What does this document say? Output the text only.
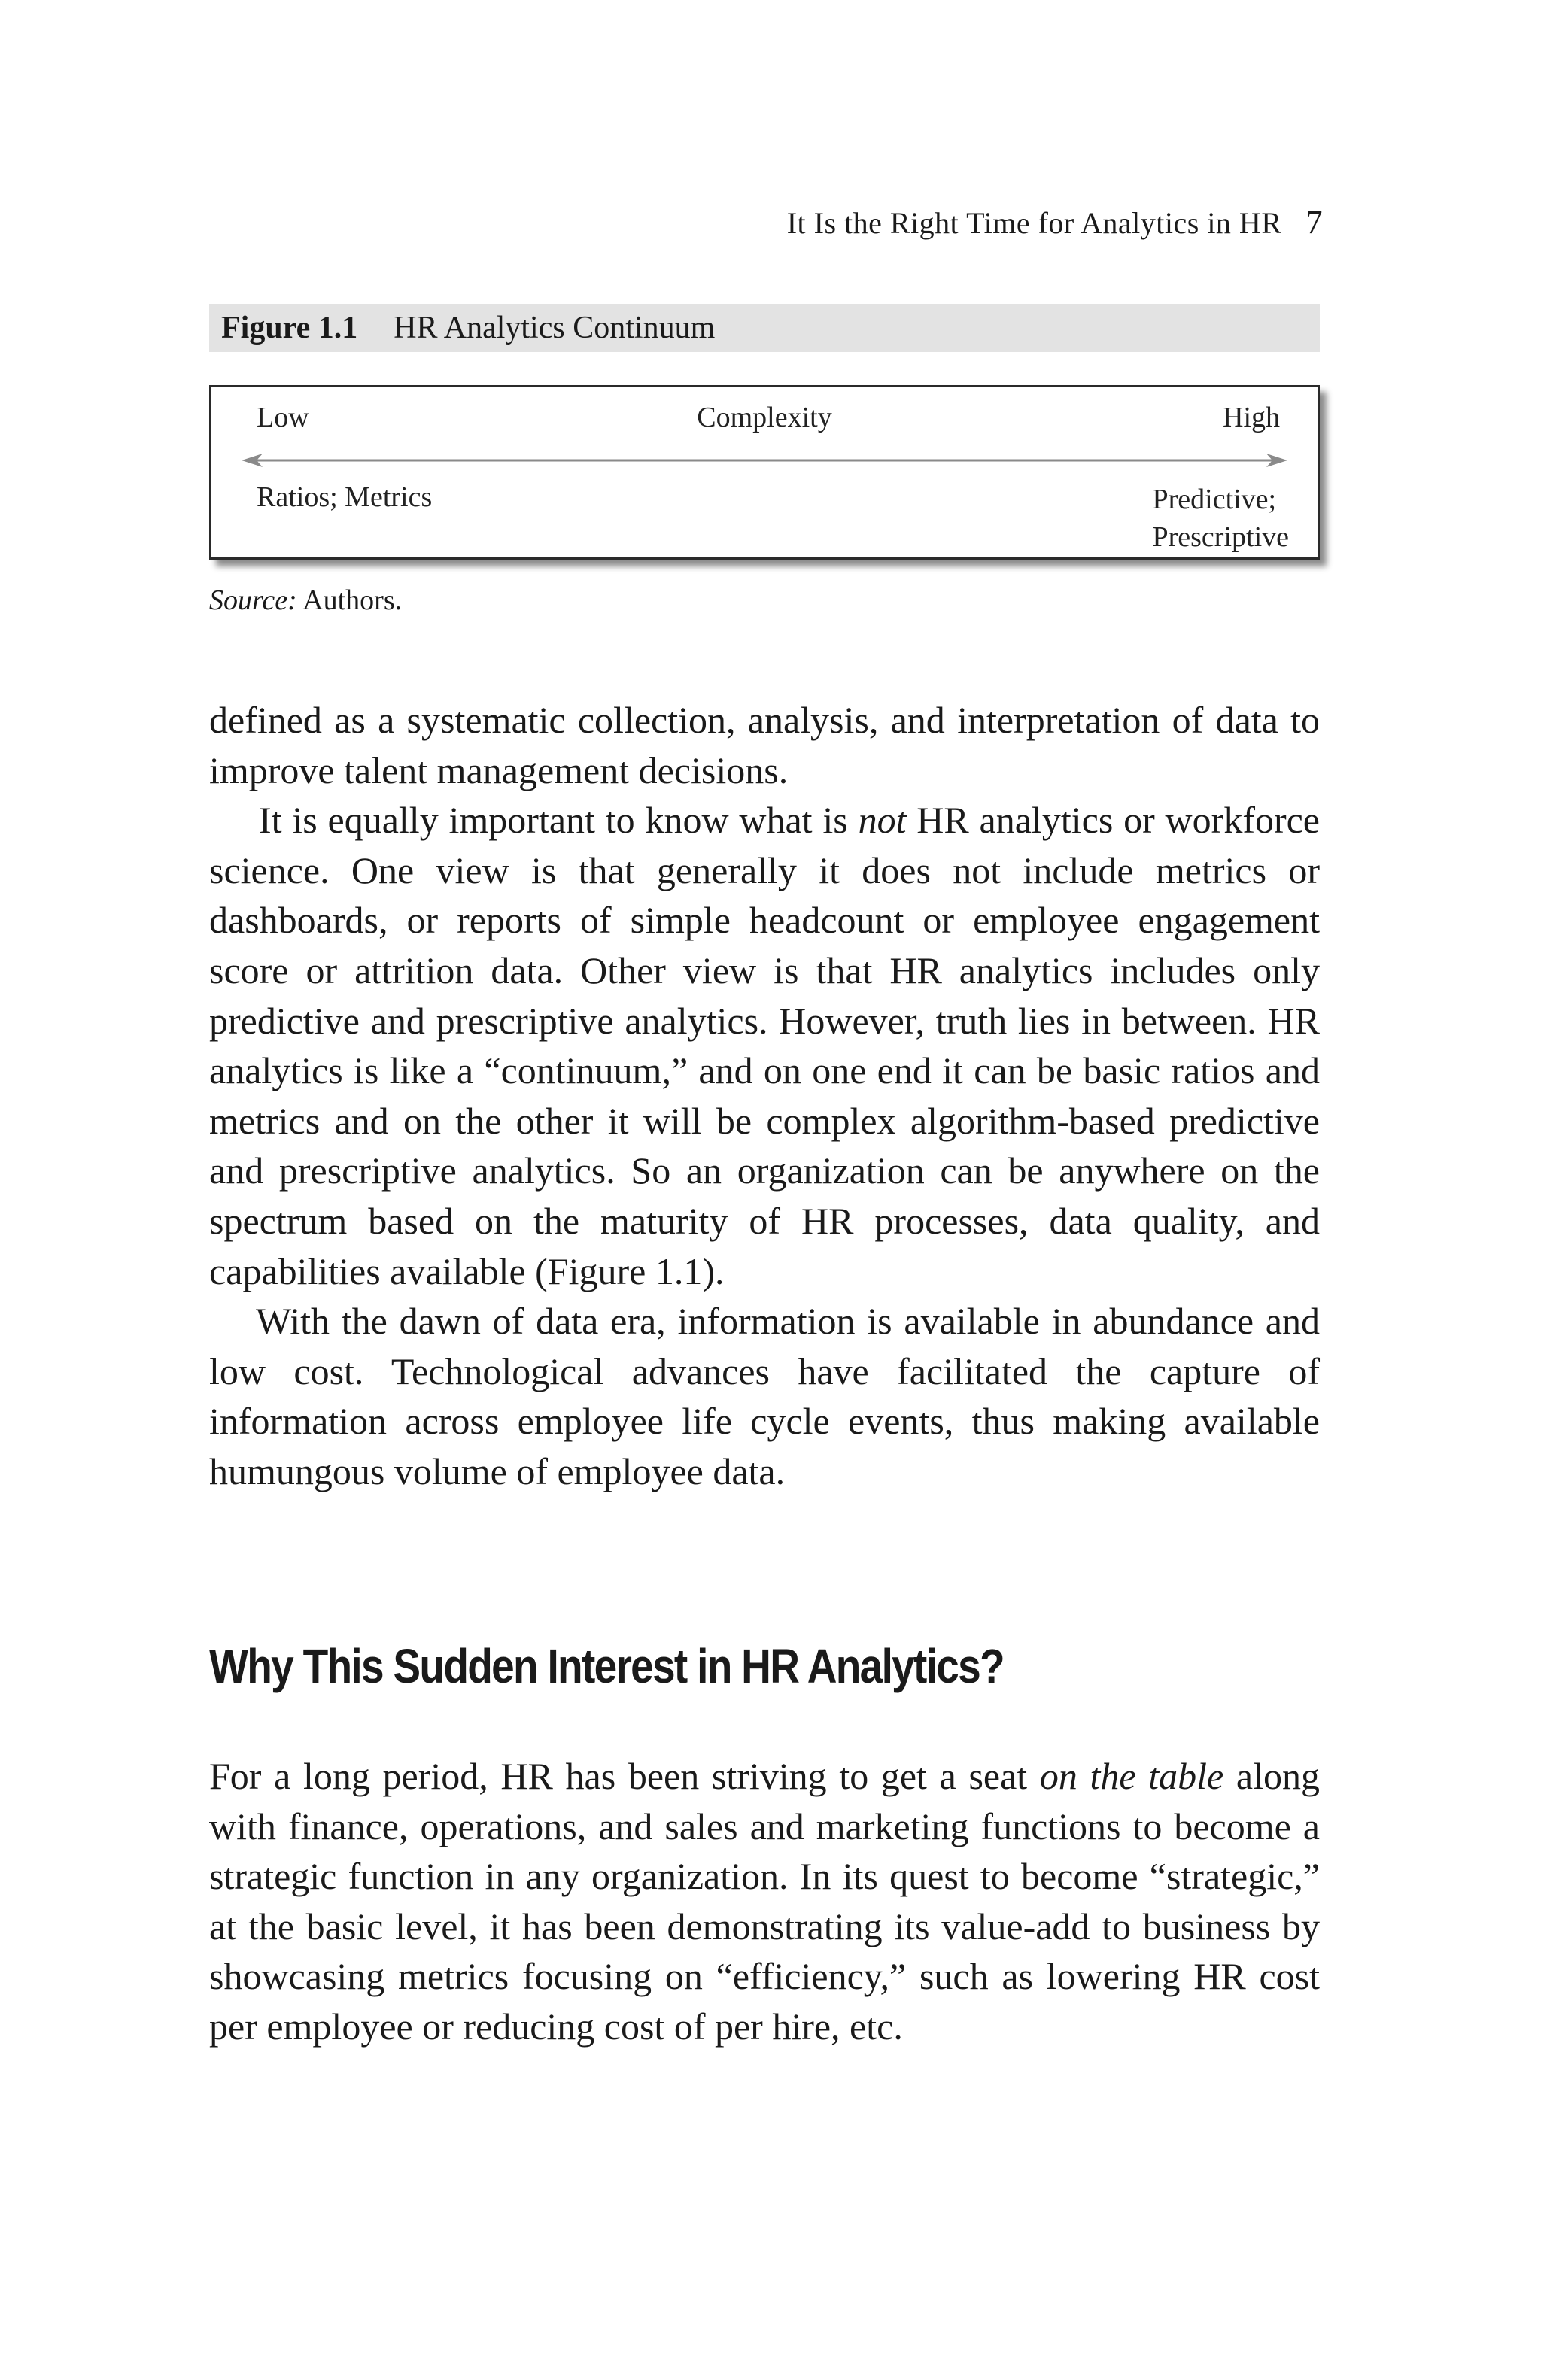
It Is the Right Time for Analytics in HR 7
Figure 1.1 HR Analytics Continuum
Low	Complexity	High
Ratios; Metrics	Predictive;
Prescriptive
Source: Authors.

defined as a systematic collection, analysis, and interpretation of data to improve talent management decisions.

It is equally important to know what is not HR analytics or workforce science. One view is that generally it does not include metrics or dashboards, or reports of simple headcount or employee engagement score or attrition data. Other view is that HR analytics includes only predictive and prescriptive analytics. However, truth lies in between. HR analytics is like a “continuum,” and on one end it can be basic ratios and metrics and on the other it will be complex algorithm-based predictive and prescriptive analytics. So an organization can be anywhere on the spectrum based on the maturity of HR processes, data quality, and capabilities available (Figure 1.1).

With the dawn of data era, information is available in abundance and low cost. Technological advances have facilitated the capture of information across employee life cycle events, thus making available humungous volume of employee data.

Why This Sudden Interest in HR Analytics?

For a long period, HR has been striving to get a seat on the table along with finance, operations, and sales and marketing functions to become a strategic function in any organization. In its quest to become “strategic,” at the basic level, it has been demonstrating its value-add to business by showcasing metrics focusing on “efficiency,” such as lowering HR cost per employee or reducing cost of per hire, etc.
